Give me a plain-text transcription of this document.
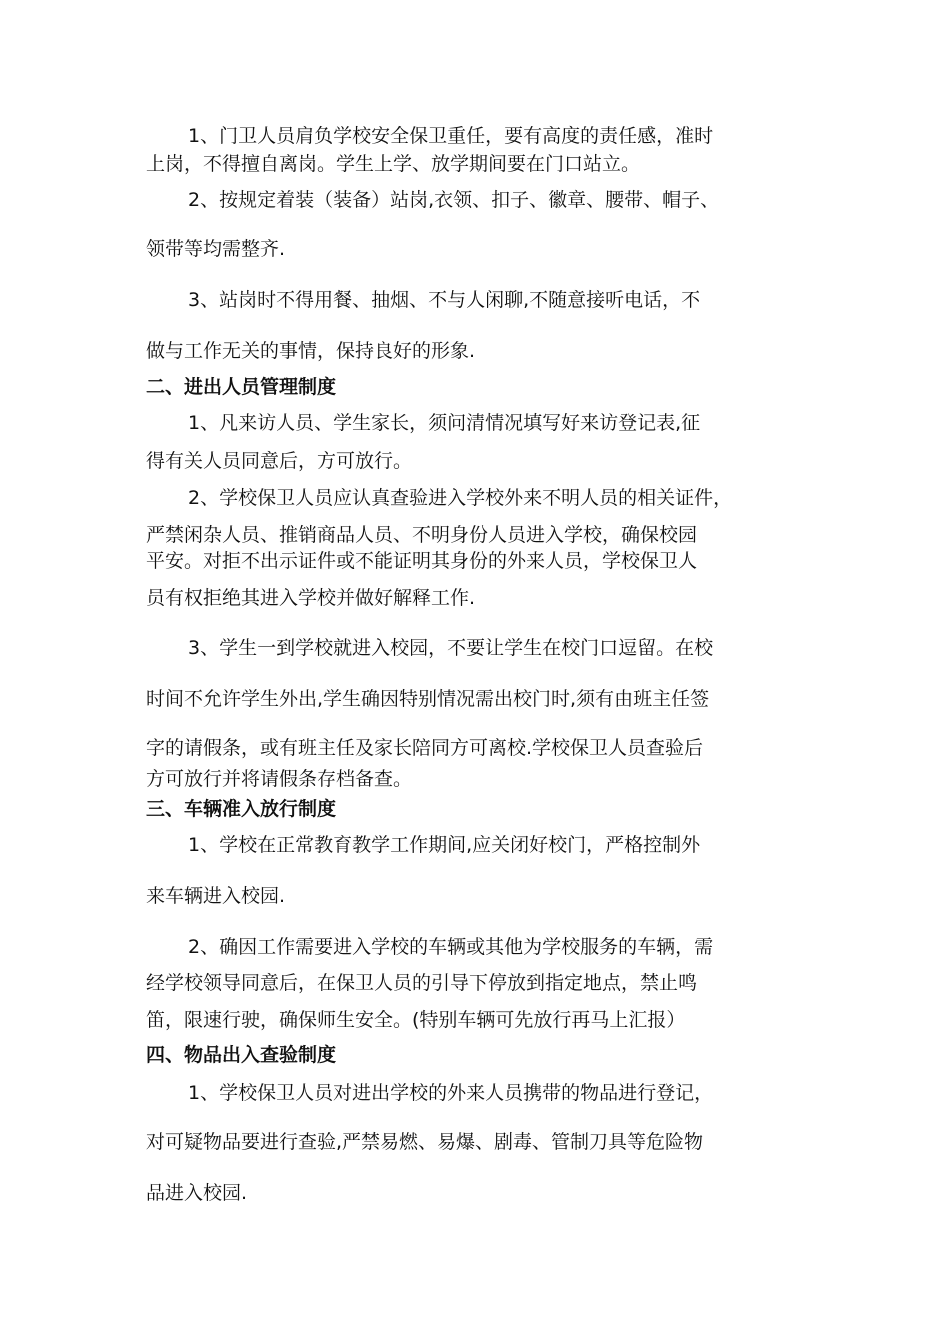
1、门卫人员肩负学校安全保卫重任，要有高度的责任感，准时

上岗，不得擅自离岗。学生上学、放学期间要在门口站立。

2、按规定着装（装备）站岗,衣领、扣子、徽章、腰带、帽子、

领带等均需整齐.

3、站岗时不得用餐、抽烟、不与人闲聊,不随意接听电话，不

做与工作无关的事情，保持良好的形象.

二、进出人员管理制度

1、凡来访人员、学生家长，须问清情况填写好来访登记表,征

得有关人员同意后，方可放行。

2、学校保卫人员应认真查验进入学校外来不明人员的相关证件，

严禁闲杂人员、推销商品人员、不明身份人员进入学校，确保校园

平安。对拒不出示证件或不能证明其身份的外来人员，学校保卫人

员有权拒绝其进入学校并做好解释工作.

3、学生一到学校就进入校园，不要让学生在校门口逗留。在校

时间不允许学生外出,学生确因特别情况需出校门时,须有由班主任签

字的请假条，或有班主任及家长陪同方可离校.学校保卫人员查验后

方可放行并将请假条存档备查。

三、车辆准入放行制度

1、学校在正常教育教学工作期间,应关闭好校门，严格控制外

来车辆进入校园.

2、确因工作需要进入学校的车辆或其他为学校服务的车辆，需

经学校领导同意后，在保卫人员的引导下停放到指定地点，禁止鸣

笛，限速行驶，确保师生安全。(特别车辆可先放行再马上汇报）

四、物品出入查验制度

1、学校保卫人员对进出学校的外来人员携带的物品进行登记，

对可疑物品要进行查验,严禁易燃、易爆、剧毒、管制刀具等危险物

品进入校园.
